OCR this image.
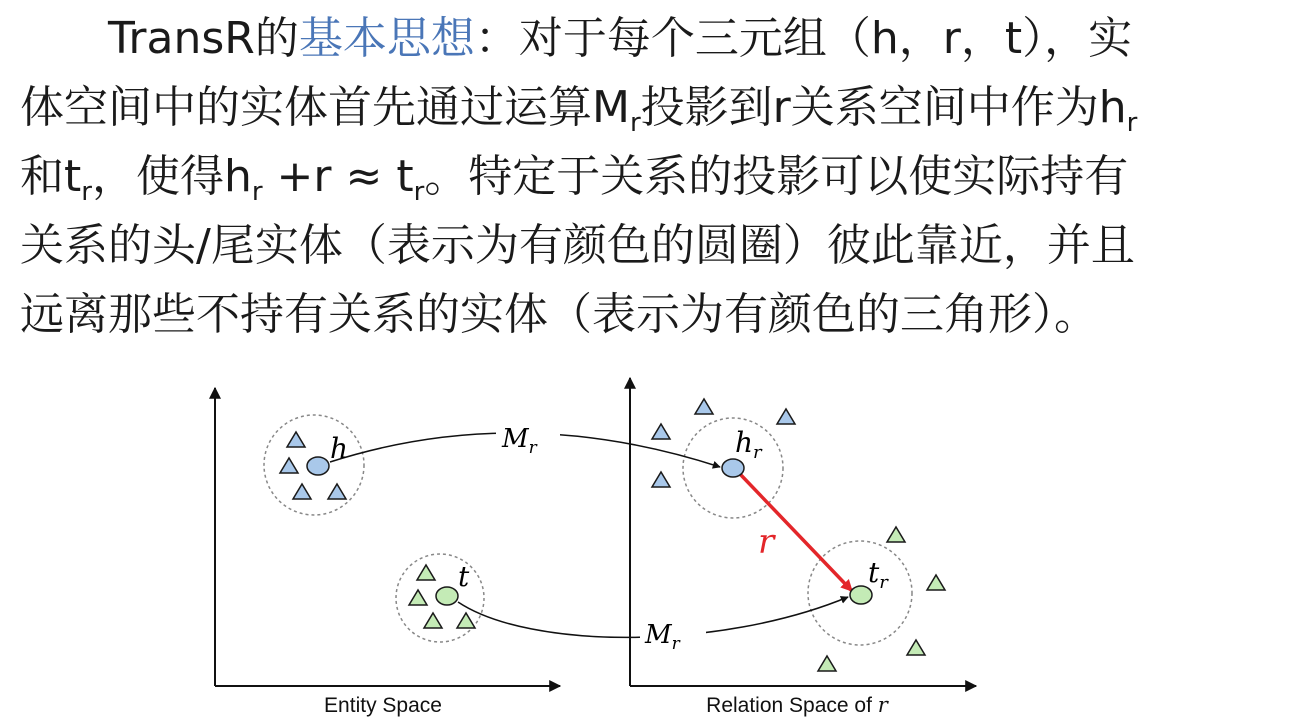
　　TransR的基本思想：对于每个三元组（h，r，t），实
体空间中的实体首先通过运算$M_r$投影到r关系空间中作为$h_r$
和$t_r$，使得$h_r +r \approx t_r$。特定于关系的投影可以使实际持有
关系的头/尾实体（表示为有颜色的圆圈）彼此靠近，并且
远离那些不持有关系的实体（表示为有颜色的三角形）。
h
t
$M_r$
$M_r$
$h_r$
$t_r$
r
Entity Space	Relation Space of r
